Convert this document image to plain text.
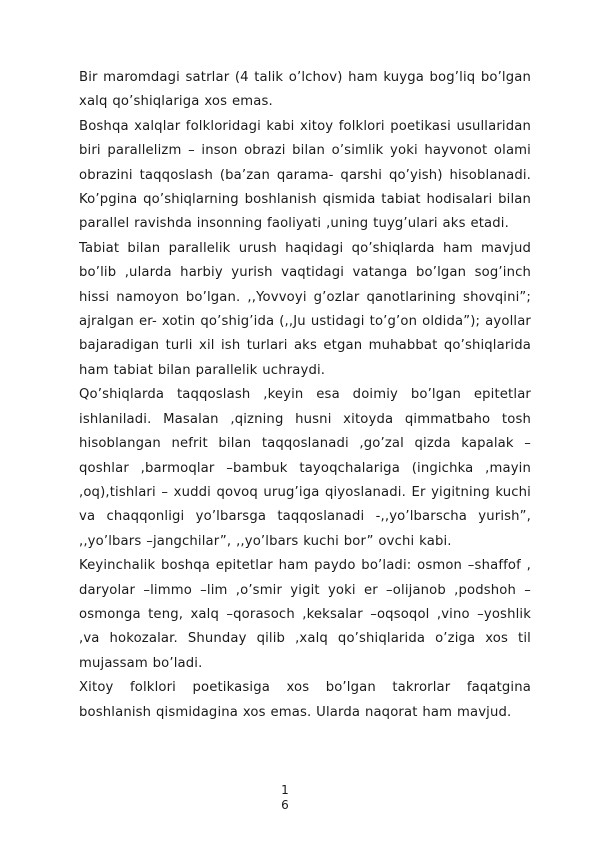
Bir maromdagi satrlar (4 talik o’lchov) ham kuyga bog’liq bo’lgan xalq qo’shiqlariga xos emas.

Boshqa xalqlar folkloridagi kabi xitoy folklori poetikasi usullaridan biri parallelizm – inson obrazi bilan o’simlik yoki hayvonot olami obrazini taqqoslash (ba’zan qarama- qarshi qo’yish) hisoblanadi. Ko’pgina qo’shiqlarning boshlanish qismida tabiat hodisalari bilan parallel ravishda insonning faoliyati ,uning tuyg’ulari aks etadi.

Tabiat bilan parallelik urush haqidagi qo’shiqlarda ham mavjud bo’lib ,ularda harbiy yurish vaqtidagi vatanga bo’lgan sog’inch hissi namoyon bo’lgan. ,,Yovvoyi g’ozlar qanotlarining shovqini”; ajralgan er- xotin qo’shig’ida (,,Ju ustidagi to’g’on oldida”); ayollar bajaradigan turli xil ish turlari aks etgan muhabbat qo’shiqlarida ham tabiat bilan parallelik uchraydi.

Qo’shiqlarda taqqoslash ,keyin esa doimiy bo’lgan epitetlar ishlaniladi. Masalan ,qizning husni xitoyda qimmatbaho tosh hisoblangan nefrit bilan taqqoslanadi ,go’zal qizda kapalak –qoshlar ,barmoqlar –bambuk tayoqchalariga (ingichka ,mayin ,oq),tishlari – xuddi qovoq urug’iga qiyoslanadi. Er yigitning kuchi va chaqqonligi yo’lbarsga taqqoslanadi -,,yo’lbarscha yurish”, ,,yo’lbars –jangchilar”, ,,yo’lbars kuchi bor” ovchi kabi.

Keyinchalik boshqa epitetlar ham paydo bo’ladi: osmon –shaffof , daryolar –limmo –lim ,o’smir yigit yoki er –olijanob ,podshoh – osmonga teng, xalq –qorasoch ,keksalar –oqsoqol ,vino –yoshlik ,va hokozalar. Shunday qilib ,xalq qo’shiqlarida o’ziga xos til mujassam bo’ladi.

Xitoy folklori poetikasiga xos bo’lgan takrorlar faqatgina boshlanish qismidagina xos emas. Ularda naqorat ham mavjud.

1
6
